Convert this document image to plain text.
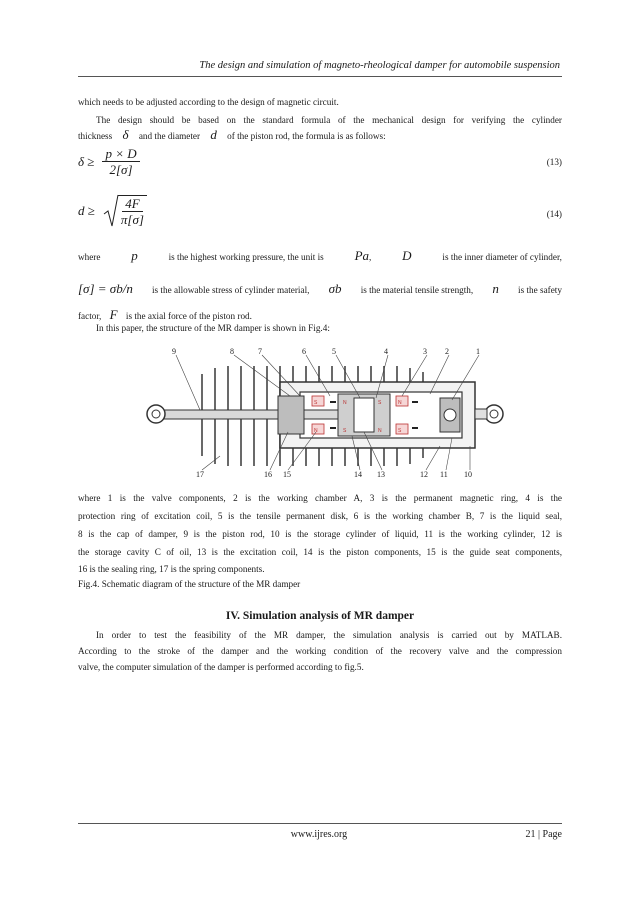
The design and simulation of magneto-rheological damper for automobile suspension
which needs to be adjusted according to the design of magnetic circuit.
The design should be based on the standard formula of the mechanical design for verifying the cylinder
thickness δ and the diameter d of the piston rod, the formula is as follows:
$\delta \ge \frac{p \times D}{2[\sigma]}$	(13)
$d \ge \frac{4F}{\pi[\sigma]}$	(14)
where p	is the highest working pressure, the unit is Pa, D	is the inner diameter of cylinder,
[σ] = σb/n is the allowable stress of cylinder material, σb is the material tensile strength, n is the safety
factor, F is the axial force of the piston rod.
In this paper, the structure of the MR damper is shown in Fig.4:
S
N
N
S
S
N
N
S
9	8	7	6	5	4	3 2	1
17	16 15	14 13	12 11 10
where 1 is the valve components, 2 is the working chamber A, 3 is the permanent magnetic ring, 4 is the
protection ring of excitation coil, 5 is the tensile permanent disk, 6 is the working chamber B, 7 is the liquid seal,
8 is the cap of damper, 9 is the piston rod, 10 is the storage cylinder of liquid, 11 is the working cylinder, 12 is
the storage cavity C of oil, 13 is the excitation coil, 14 is the piston components, 15 is the guide seat components,
16 is the sealing ring, 17 is the spring components.
Fig.4. Schematic diagram of the structure of the MR damper
IV. Simulation analysis of MR damper
In order to test the feasibility of the MR damper, the simulation analysis is carried out by MATLAB.
According to the stroke of the damper and the working condition of the recovery valve and the compression
valve, the computer simulation of the damper is performed according to fig.5.
www.ijres.org	21 | Page
